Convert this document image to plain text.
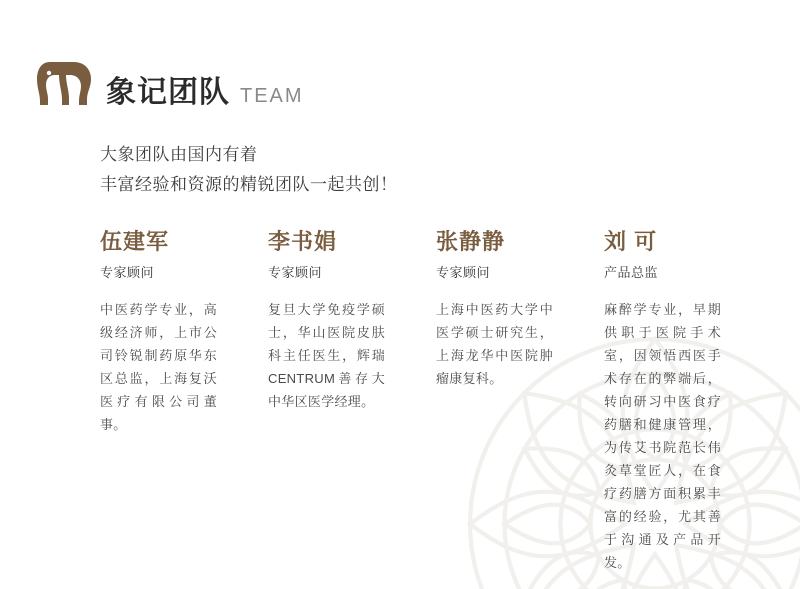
象记团队 TEAM
大象团队由国内有着
丰富经验和资源的精锐团队一起共创！
伍建军
专家顾问
中医药学专业，高级经济师，上市公司铃锐制药原华东区总监，上海复沃医疗有限公司董事。
李书娟
专家顾问
复旦大学免疫学硕士，华山医院皮肤科主任医生，辉瑞CENTRUM善存大中华区医学经理。
张静静
专家顾问
上海中医药大学中医学硕士研究生，上海龙华中医院肿瘤康复科。
刘 可
产品总监
麻醉学专业，早期供职于医院手术室，因领悟西医手术存在的弊端后，转向研习中医食疗药膳和健康管理，为传艾书院范长伟灸草堂匠人，在食疗药膳方面积累丰富的经验，尤其善于沟通及产品开发。
